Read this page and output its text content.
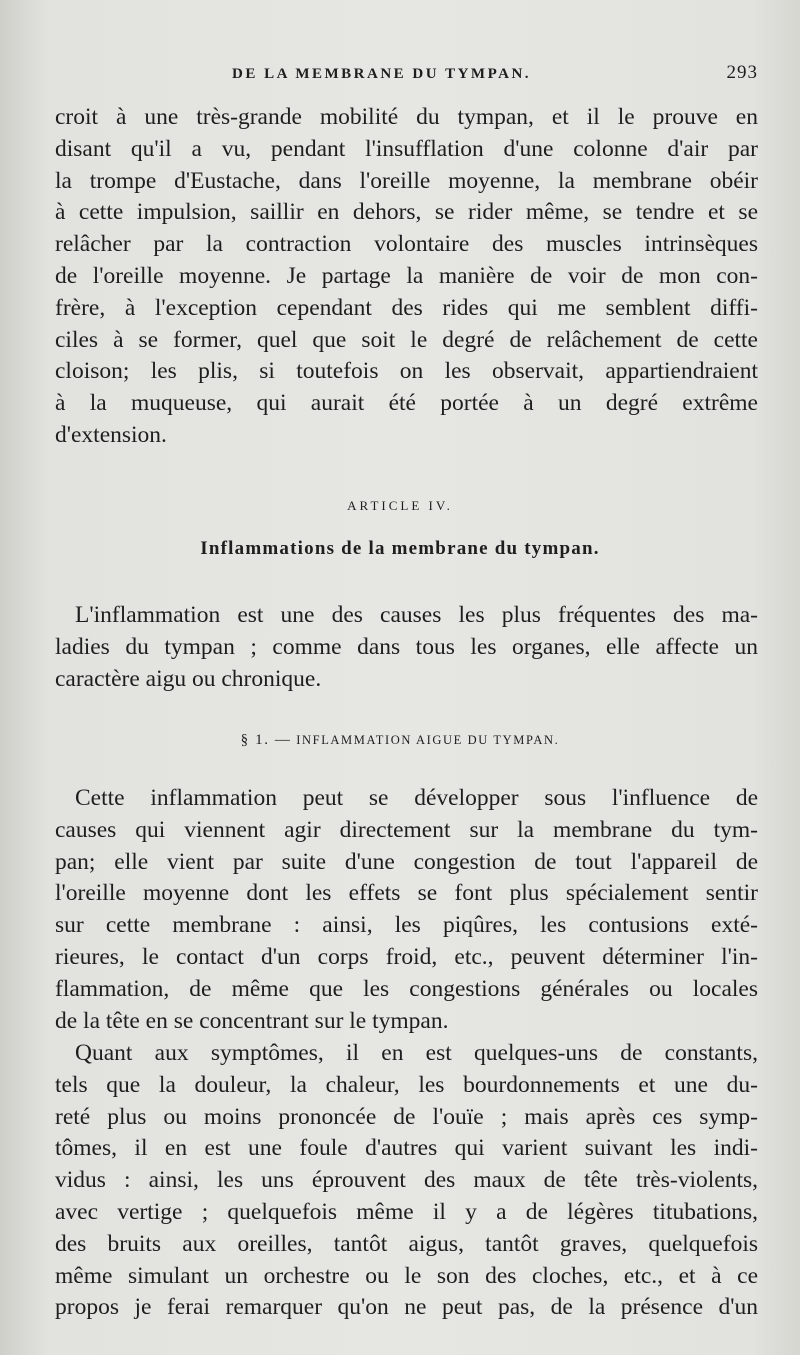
DE LA MEMBRANE DU TYMPAN.	293
croit à une très-grande mobilité du tympan, et il le prouve en
disant qu'il a vu, pendant l'insufflation d'une colonne d'air par
la trompe d'Eustache, dans l'oreille moyenne, la membrane obéir
à cette impulsion, saillir en dehors, se rider même, se tendre et se
relâcher par la contraction volontaire des muscles intrinsèques
de l'oreille moyenne. Je partage la manière de voir de mon con-
frère, à l'exception cependant des rides qui me semblent diffi-
ciles à se former, quel que soit le degré de relâchement de cette
cloison; les plis, si toutefois on les observait, appartiendraient
à la muqueuse, qui aurait été portée à un degré extrême
d'extension.
ARTICLE IV.
Inflammations de la membrane du tympan.
L'inflammation est une des causes les plus fréquentes des ma-
ladies du tympan ; comme dans tous les organes, elle affecte un
caractère aigu ou chronique.
§ 1. — INFLAMMATION AIGUE DU TYMPAN.
Cette inflammation peut se développer sous l'influence de
causes qui viennent agir directement sur la membrane du tym-
pan; elle vient par suite d'une congestion de tout l'appareil de
l'oreille moyenne dont les effets se font plus spécialement sentir
sur cette membrane : ainsi, les piqûres, les contusions exté-
rieures, le contact d'un corps froid, etc., peuvent déterminer l'in-
flammation, de même que les congestions générales ou locales
de la tête en se concentrant sur le tympan.
Quant aux symptômes, il en est quelques-uns de constants,
tels que la douleur, la chaleur, les bourdonnements et une du-
reté plus ou moins prononcée de l'ouïe ; mais après ces symp-
tômes, il en est une foule d'autres qui varient suivant les indi-
vidus : ainsi, les uns éprouvent des maux de tête très-violents,
avec vertige ; quelquefois même il y a de légères titubations,
des bruits aux oreilles, tantôt aigus, tantôt graves, quelquefois
même simulant un orchestre ou le son des cloches, etc., et à ce
propos je ferai remarquer qu'on ne peut pas, de la présence d'un
